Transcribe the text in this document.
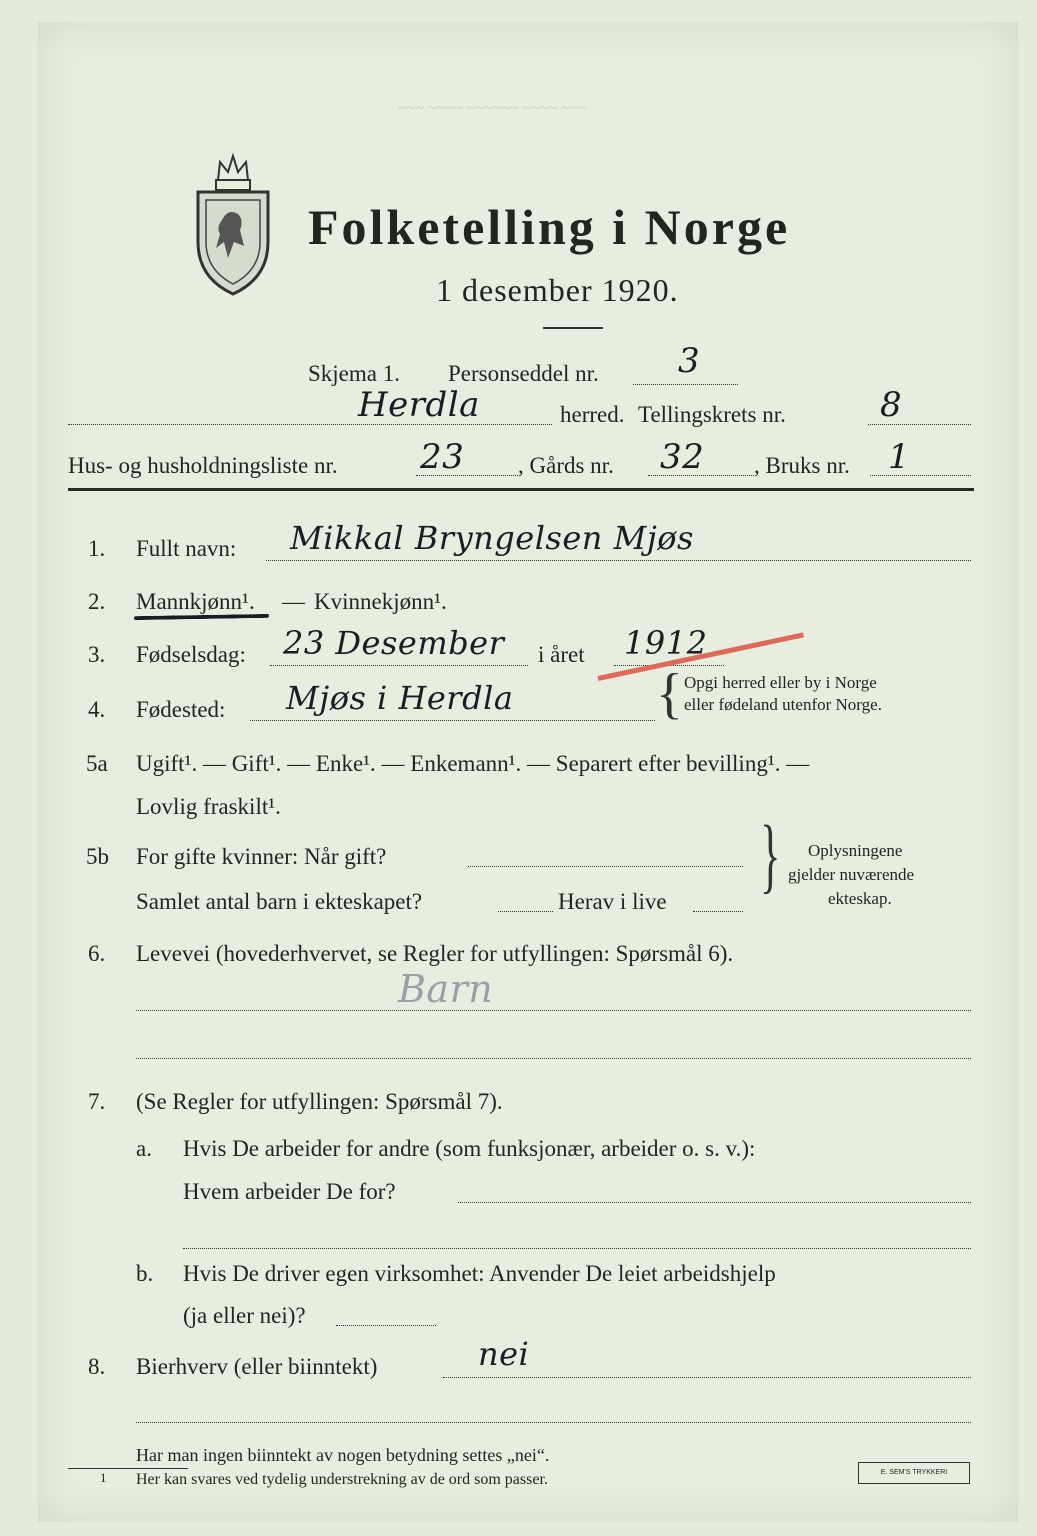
~~~ ~~~~ ~~~~~~ ~~~~ ~~~
Folketelling i Norge
1 desember 1920.
Skjema 1. Personseddel nr. 3
Herdla	herred. Tellingskrets nr.	8
Hus- og husholdningsliste nr. 23 , Gårds nr. 32 , Bruks nr. 1
1. Fullt navn: Mikkal Bryngelsen Mjøs
2. Mannkjønn¹. — Kvinnekjønn¹.
3. Fødselsdag: 23 Desember i året 1912
4. Fødested: Mjøs i Herdla	{ Opgi herred eller by i Norge
eller fødeland utenfor Norge.
5a Ugift¹. — Gift¹. — Enke¹. — Enkemann¹. — Separert efter bevilling¹. —
Lovlig fraskilt¹.
5b For gifte kvinner: Når gift?
Samlet antal barn i ekteskapet?	Herav i live } Oplysningene
gjelder nuværende
ekteskap.
6. Levevei (hovederhvervet, se Regler for utfyllingen: Spørsmål 6).
Barn
7. (Se Regler for utfyllingen: Spørsmål 7).
a. Hvis De arbeider for andre (som funksjonær, arbeider o. s. v.):
Hvem arbeider De for?
b. Hvis De driver egen virksomhet: Anvender De leiet arbeidshjelp
(ja eller nei)?
8. Bierhverv (eller biinntekt)	nei
Har man ingen biinntekt av nogen betydning settes „nei“.
1 Her kan svares ved tydelig understrekning av de ord som passer.	E. SEM'S TRYKKERI
